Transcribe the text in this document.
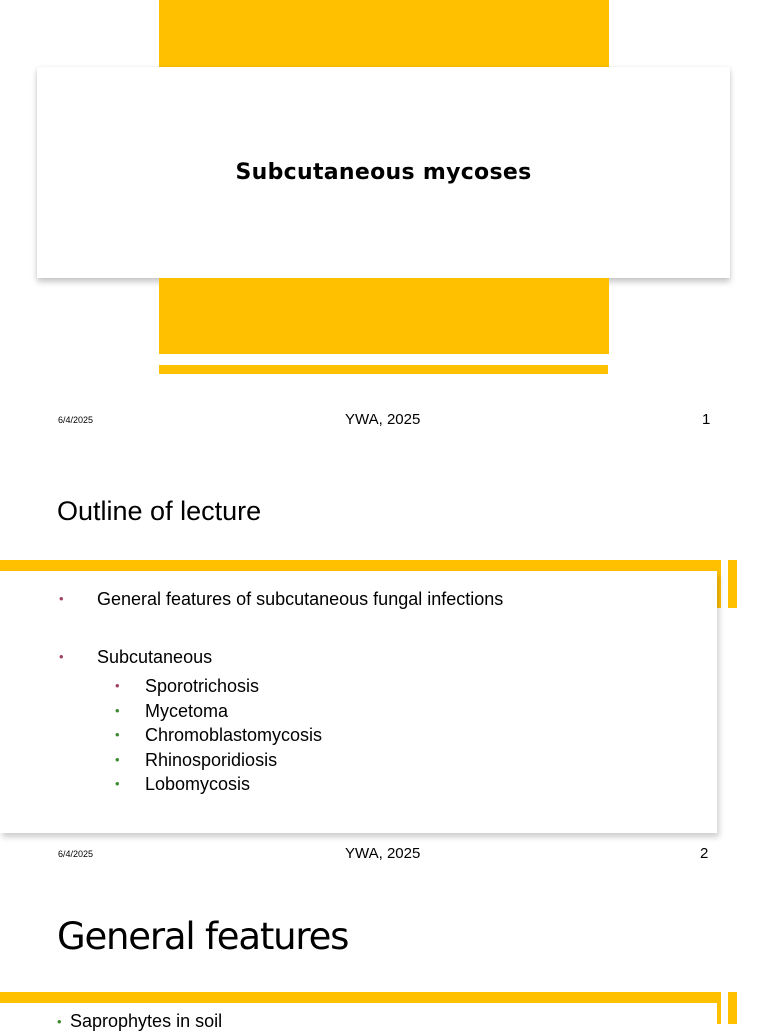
Subcutaneous mycoses
6/4/2025	YWA, 2025	1
Outline of lecture
• General features of subcutaneous fungal infections
• Subcutaneous
• Sporotrichosis
• Mycetoma
• Chromoblastomycosis
• Rhinosporidiosis
• Lobomycosis
6/4/2025	YWA, 2025	2
General features
• Saprophytes in soil
